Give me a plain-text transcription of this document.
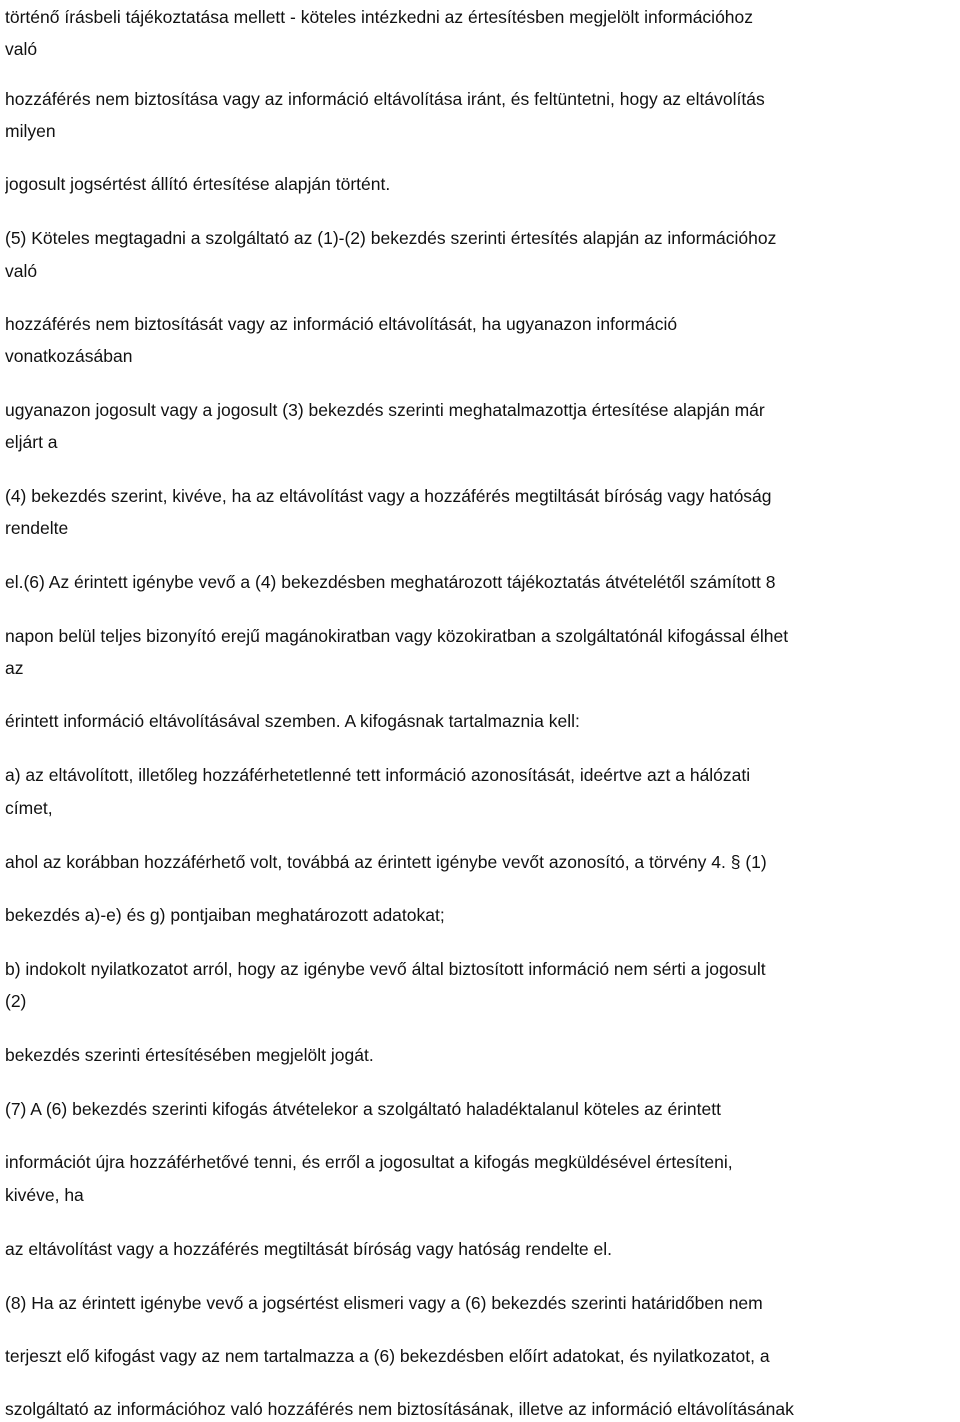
történő írásbeli tájékoztatása mellett - köteles intézkedni az értesítésben megjelölt információhoz

való

hozzáférés nem biztosítása vagy az információ eltávolítása iránt, és feltüntetni, hogy az eltávolítás

milyen

jogosult jogsértést állító értesítése alapján történt.

(5) Köteles megtagadni a szolgáltató az (1)-(2) bekezdés szerinti értesítés alapján az információhoz

való

hozzáférés nem biztosítását vagy az információ eltávolítását, ha ugyanazon információ

vonatkozásában

ugyanazon jogosult vagy a jogosult (3) bekezdés szerinti meghatalmazottja értesítése alapján már

eljárt a

(4) bekezdés szerint, kivéve, ha az eltávolítást vagy a hozzáférés megtiltását bíróság vagy hatóság

rendelte

el.(6) Az érintett igénybe vevő a (4) bekezdésben meghatározott tájékoztatás átvételétől számított 8

napon belül teljes bizonyító erejű magánokiratban vagy közokiratban a szolgáltatónál kifogással élhet

az

érintett információ eltávolításával szemben. A kifogásnak tartalmaznia kell:

a) az eltávolított, illetőleg hozzáférhetetlenné tett információ azonosítását, ideértve azt a hálózati

címet,

ahol az korábban hozzáférhető volt, továbbá az érintett igénybe vevőt azonosító, a törvény 4. § (1)

bekezdés a)-e) és g) pontjaiban meghatározott adatokat;

b) indokolt nyilatkozatot arról, hogy az igénybe vevő által biztosított információ nem sérti a jogosult

(2)

bekezdés szerinti értesítésében megjelölt jogát.

(7) A (6) bekezdés szerinti kifogás átvételekor a szolgáltató haladéktalanul köteles az érintett

információt újra hozzáférhetővé tenni, és erről a jogosultat a kifogás megküldésével értesíteni,

kivéve, ha

az eltávolítást vagy a hozzáférés megtiltását bíróság vagy hatóság rendelte el.

(8) Ha az érintett igénybe vevő a jogsértést elismeri vagy a (6) bekezdés szerinti határidőben nem

terjeszt elő kifogást vagy az nem tartalmazza a (6) bekezdésben előírt adatokat, és nyilatkozatot, a

szolgáltató az információhoz való hozzáférés nem biztosításának, illetve az információ eltávolításának
